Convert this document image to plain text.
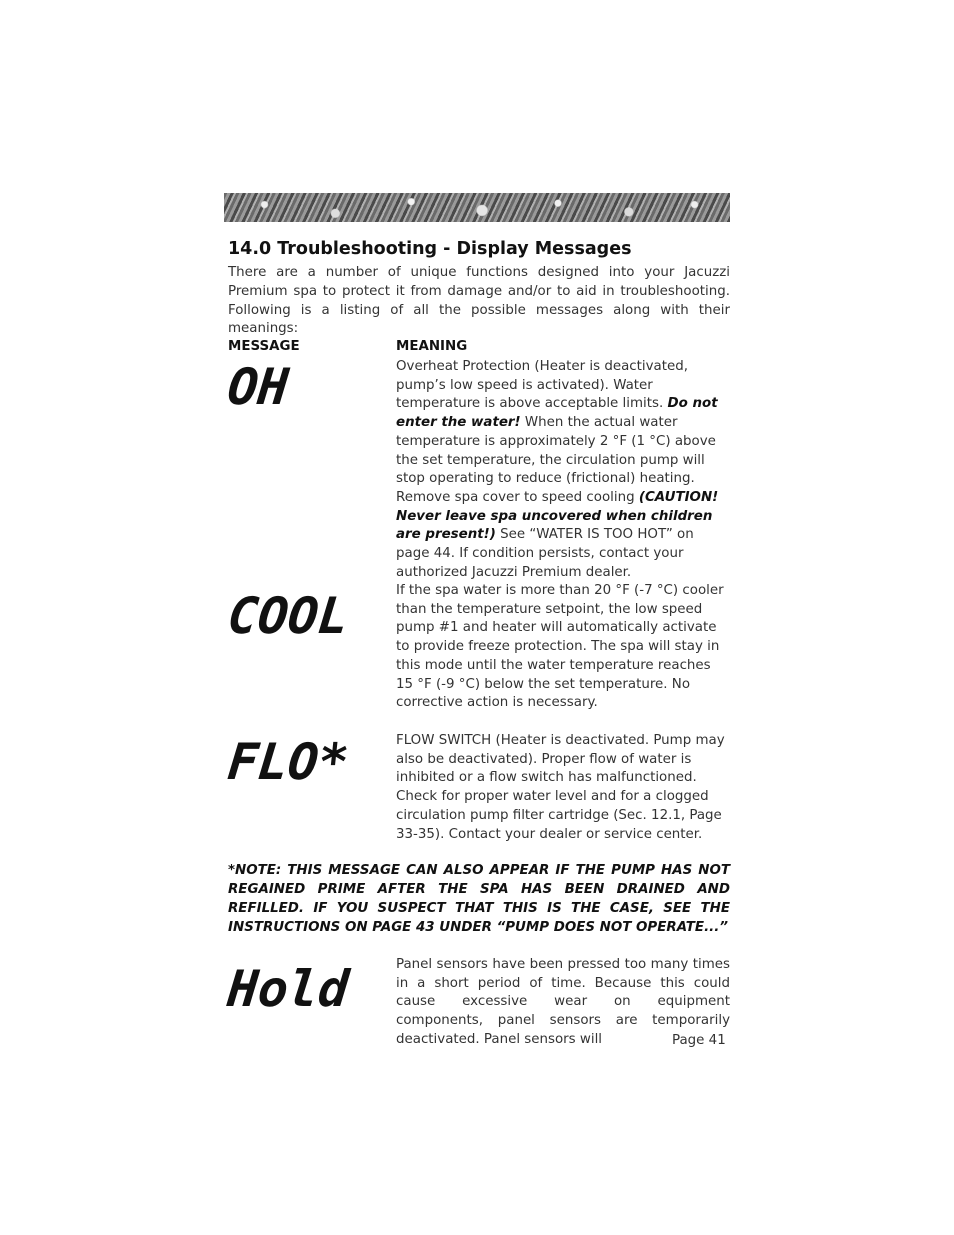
14.0 Troubleshooting - Display Messages

There are a number of unique functions designed into your Jacuzzi Premium spa to protect it from damage and/or to aid in troubleshooting. Following is a listing of all the possible messages along with their meanings:

MESSAGE	MEANING
OH	Overheat Protection (Heater is deactivated, pump’s low speed is activated). Water temperature is above acceptable limits. Do not enter the water! When the actual water temperature is approximately 2 °F (1 °C) above the set temperature, the circulation pump will stop operating to reduce (frictional) heating. Remove spa cover to speed cooling (CAUTION! Never leave spa uncovered when children are present!) See “WATER IS TOO HOT” on page 44. If condition persists, contact your authorized Jacuzzi Premium dealer.

COOL	If the spa water is more than 20 °F (-7 °C) cooler than the temperature setpoint, the low speed pump #1 and heater will automatically activate to provide freeze protection. The spa will stay in this mode until the water temperature reaches 15 °F (-9 °C) below the set temperature. No corrective action is necessary.

FLO*	FLOW SWITCH (Heater is deactivated. Pump may also be deactivated). Proper flow of water is inhibited or a flow switch has malfunctioned. Check for proper water level and for a clogged circulation pump filter cartridge (Sec. 12.1, Page 33-35). Contact your dealer or service center.

*NOTE: THIS MESSAGE CAN ALSO APPEAR IF THE PUMP HAS NOT REGAINED PRIME AFTER THE SPA HAS BEEN DRAINED AND REFILLED. IF YOU SUSPECT THAT THIS IS THE CASE, SEE THE INSTRUCTIONS ON PAGE 43 UNDER “PUMP DOES NOT OPERATE...”

Hold	Panel sensors have been pressed too many times in a short period of time. Because this could cause excessive wear on equipment components, panel sensors are temporarily deactivated. Panel sensors will	Page 41
